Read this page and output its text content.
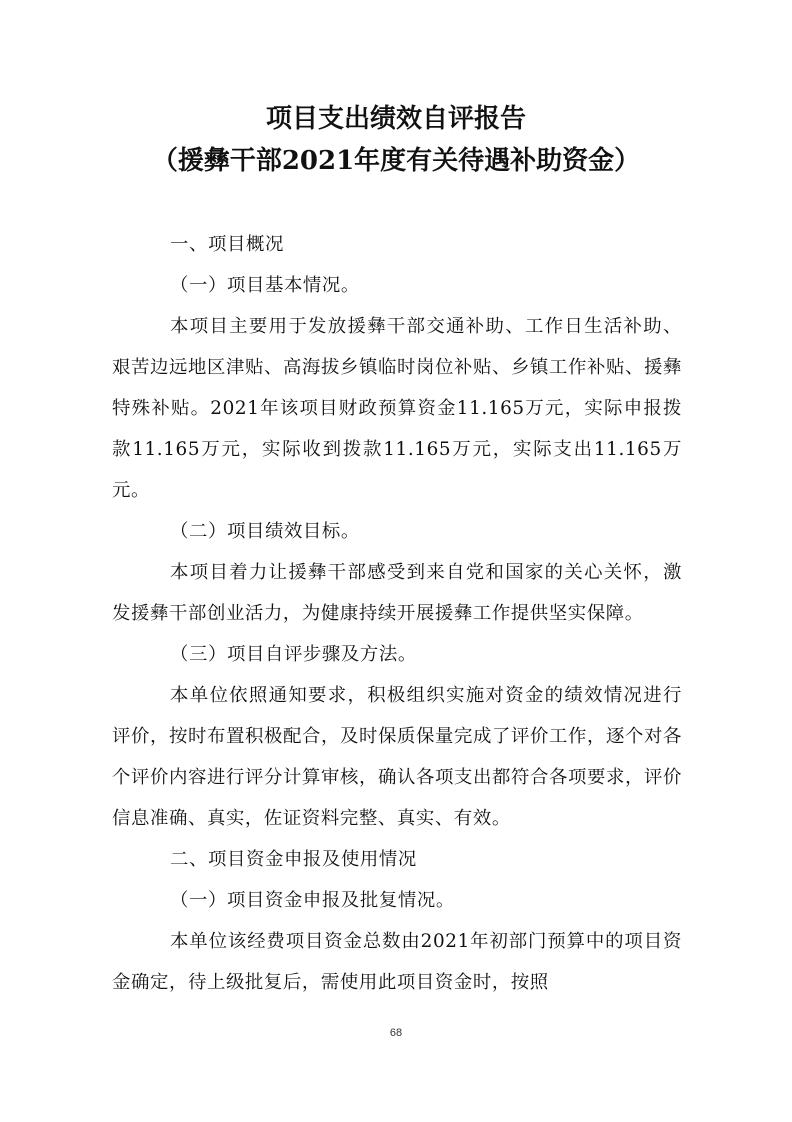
项目支出绩效自评报告
（援彝干部2021年度有关待遇补助资金）

一、项目概况

（一）项目基本情况。

本项目主要用于发放援彝干部交通补助、工作日生活补助、艰苦边远地区津贴、高海拔乡镇临时岗位补贴、乡镇工作补贴、援彝特殊补贴。2021年该项目财政预算资金11.165万元，实际申报拨款11.165万元，实际收到拨款11.165万元，实际支出11.165万元。

（二）项目绩效目标。

本项目着力让援彝干部感受到来自党和国家的关心关怀，激发援彝干部创业活力，为健康持续开展援彝工作提供坚实保障。

（三）项目自评步骤及方法。

本单位依照通知要求，积极组织实施对资金的绩效情况进行评价，按时布置积极配合，及时保质保量完成了评价工作，逐个对各个评价内容进行评分计算审核，确认各项支出都符合各项要求，评价信息准确、真实，佐证资料完整、真实、有效。

二、项目资金申报及使用情况

（一）项目资金申报及批复情况。

本单位该经费项目资金总数由2021年初部门预算中的项目资金确定，待上级批复后，需使用此项目资金时，按照

68
